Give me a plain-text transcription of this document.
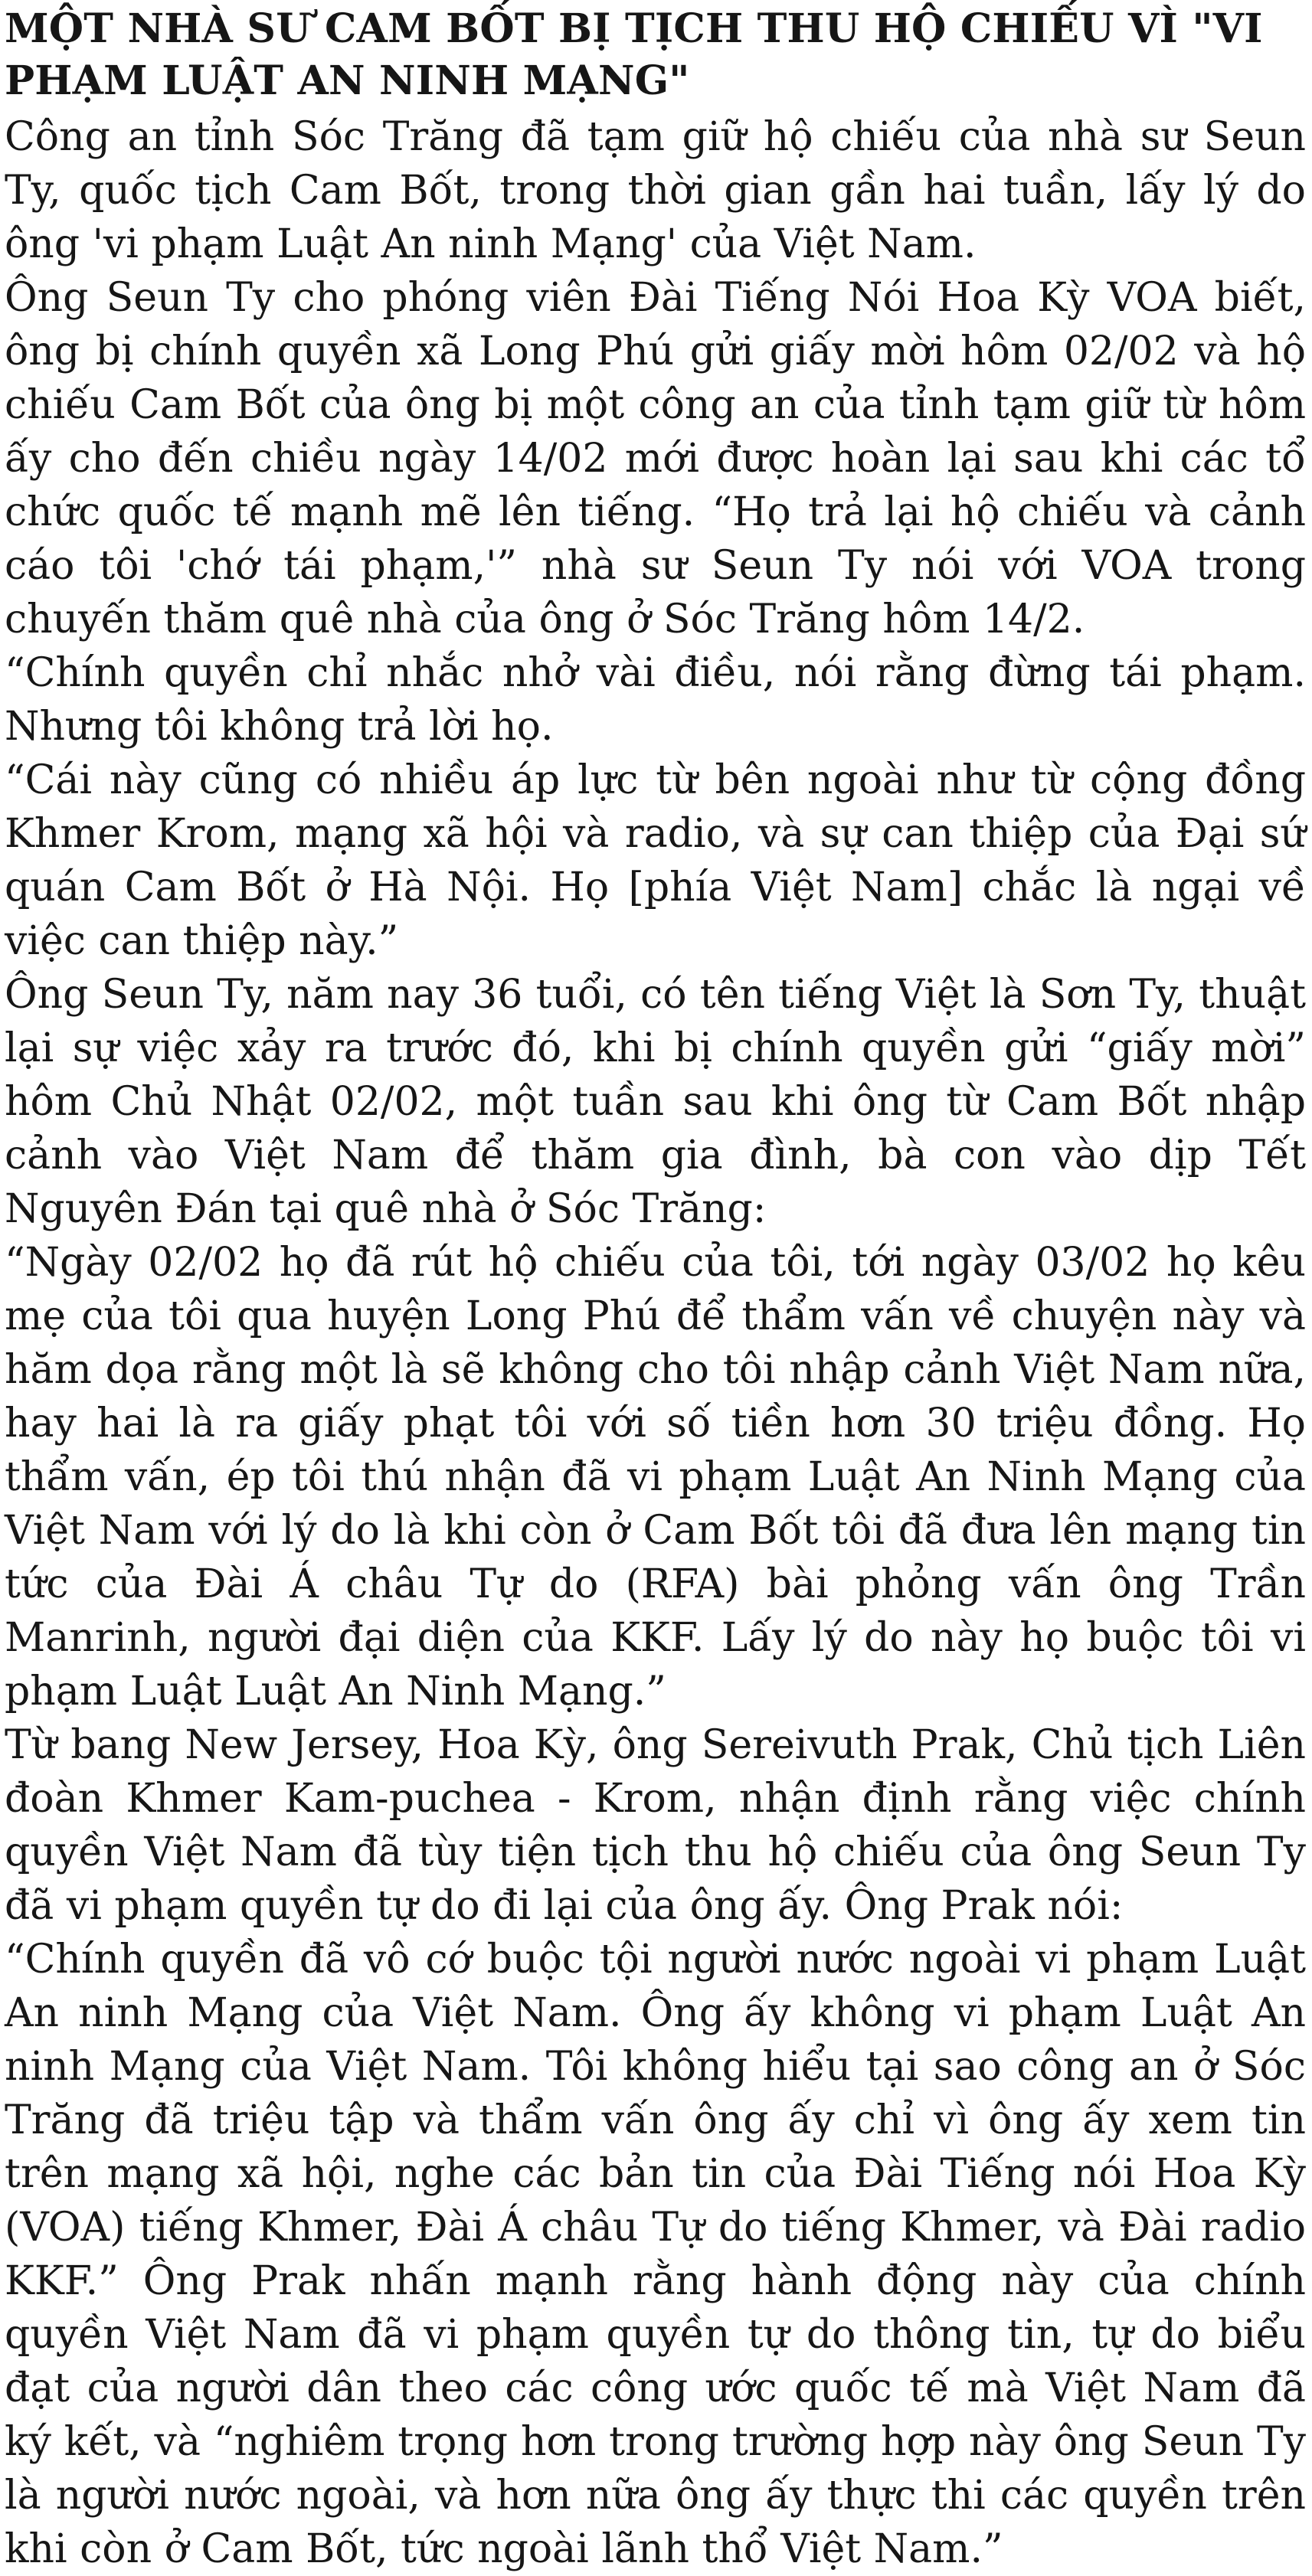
MỘT NHÀ SƯ CAM BỐT BỊ TỊCH THU HỘ CHIẾU VÌ "VI PHẠM LUẬT AN NINH MẠNG"

Công an tỉnh Sóc Trăng đã tạm giữ hộ chiếu của nhà sư Seun Ty, quốc tịch Cam Bốt, trong thời gian gần hai tuần, lấy lý do ông 'vi phạm Luật An ninh Mạng' của Việt Nam.

Ông Seun Ty cho phóng viên Đài Tiếng Nói Hoa Kỳ VOA biết, ông bị chính quyền xã Long Phú gửi giấy mời hôm 02/02 và hộ chiếu Cam Bốt của ông bị một công an của tỉnh tạm giữ từ hôm ấy cho đến chiều ngày 14/02 mới được hoàn lại sau khi các tổ chức quốc tế mạnh mẽ lên tiếng. “Họ trả lại hộ chiếu và cảnh cáo tôi 'chớ tái phạm,'” nhà sư Seun Ty nói với VOA trong chuyến thăm quê nhà của ông ở Sóc Trăng hôm 14/2.

“Chính quyền chỉ nhắc nhở vài điều, nói rằng đừng tái phạm. Nhưng tôi không trả lời họ.

“Cái này cũng có nhiều áp lực từ bên ngoài như từ cộng đồng Khmer Krom, mạng xã hội và radio, và sự can thiệp của Đại sứ quán Cam Bốt ở Hà Nội. Họ [phía Việt Nam] chắc là ngại về việc can thiệp này.”

Ông Seun Ty, năm nay 36 tuổi, có tên tiếng Việt là Sơn Ty, thuật lại sự việc xảy ra trước đó, khi bị chính quyền gửi “giấy mời” hôm Chủ Nhật 02/02, một tuần sau khi ông từ Cam Bốt nhập cảnh vào Việt Nam để thăm gia đình, bà con vào dịp Tết Nguyên Đán tại quê nhà ở Sóc Trăng:

“Ngày 02/02 họ đã rút hộ chiếu của tôi, tới ngày 03/02 họ kêu mẹ của tôi qua huyện Long Phú để thẩm vấn về chuyện này và hăm dọa rằng một là sẽ không cho tôi nhập cảnh Việt Nam nữa, hay hai là ra giấy phạt tôi với số tiền hơn 30 triệu đồng. Họ thẩm vấn, ép tôi thú nhận đã vi phạm Luật An Ninh Mạng của Việt Nam với lý do là khi còn ở Cam Bốt tôi đã đưa lên mạng tin tức của Đài Á châu Tự do (RFA) bài phỏng vấn ông Trần Manrinh, người đại diện của KKF. Lấy lý do này họ buộc tôi vi phạm Luật Luật An Ninh Mạng.”

Từ bang New Jersey, Hoa Kỳ, ông Sereivuth Prak, Chủ tịch Liên đoàn Khmer Kam-puchea - Krom, nhận định rằng việc chính quyền Việt Nam đã tùy tiện tịch thu hộ chiếu của ông Seun Ty đã vi phạm quyền tự do đi lại của ông ấy. Ông Prak nói:

“Chính quyền đã vô cớ buộc tội người nước ngoài vi phạm Luật An ninh Mạng của Việt Nam. Ông ấy không vi phạm Luật An ninh Mạng của Việt Nam. Tôi không hiểu tại sao công an ở Sóc Trăng đã triệu tập và thẩm vấn ông ấy chỉ vì ông ấy xem tin trên mạng xã hội, nghe các bản tin của Đài Tiếng nói Hoa Kỳ (VOA) tiếng Khmer, Đài Á châu Tự do tiếng Khmer, và Đài radio KKF.” Ông Prak nhấn mạnh rằng hành động này của chính quyền Việt Nam đã vi phạm quyền tự do thông tin, tự do biểu đạt của người dân theo các công ước quốc tế mà Việt Nam đã ký kết, và “nghiêm trọng hơn trong trường hợp này ông Seun Ty là người nước ngoài, và hơn nữa ông ấy thực thi các quyền trên khi còn ở Cam Bốt, tức ngoài lãnh thổ Việt Nam.”
